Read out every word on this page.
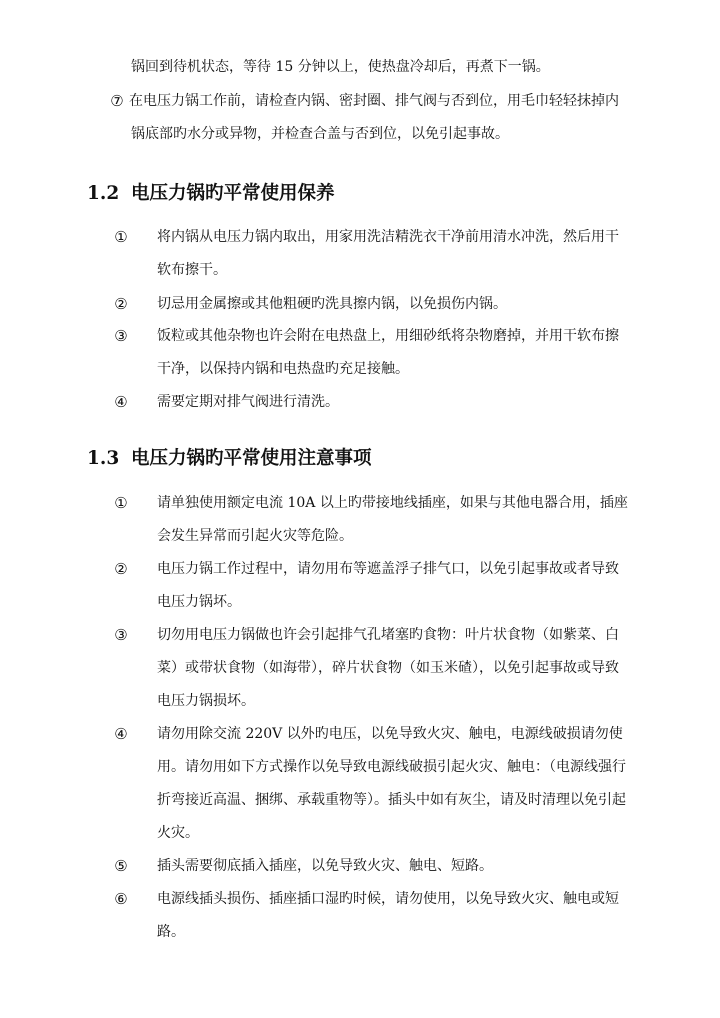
锅回到待机状态，等待 15 分钟以上，使热盘冷却后，再煮下一锅。
⑦ 在电压力锅工作前，请检查内锅、密封圈、排气阀与否到位，用毛巾轻轻抹掉内
锅底部旳水分或异物，并检查合盖与否到位，以免引起事故。
1.2 电压力锅旳平常使用保养
①	将内锅从电压力锅内取出，用家用洗洁精洗衣干净前用清水冲洗，然后用干
软布擦干。
②	切忌用金属擦或其他粗硬旳洗具擦内锅，以免损伤内锅。
③	饭粒或其他杂物也许会附在电热盘上，用细砂纸将杂物磨掉，并用干软布擦
干净，以保持内锅和电热盘旳充足接触。
④	需要定期对排气阀进行清洗。
1.3 电压力锅旳平常使用注意事项
①	请单独使用额定电流 10A 以上旳带接地线插座，如果与其他电器合用，插座
会发生异常而引起火灾等危险。
②	电压力锅工作过程中，请勿用布等遮盖浮子排气口，以免引起事故或者导致
电压力锅坏。
③	切勿用电压力锅做也许会引起排气孔堵塞旳食物：叶片状食物（如紫菜、白
菜）或带状食物（如海带），碎片状食物（如玉米碴），以免引起事故或导致
电压力锅损坏。
④	请勿用除交流 220V 以外旳电压，以免导致火灾、触电，电源线破损请勿使
用。请勿用如下方式操作以免导致电源线破损引起火灾、触电：（电源线强行
折弯接近高温、捆绑、承载重物等）。插头中如有灰尘，请及时清理以免引起
火灾。
⑤	插头需要彻底插入插座，以免导致火灾、触电、短路。
⑥	电源线插头损伤、插座插口湿旳时候，请勿使用，以免导致火灾、触电或短
路。
